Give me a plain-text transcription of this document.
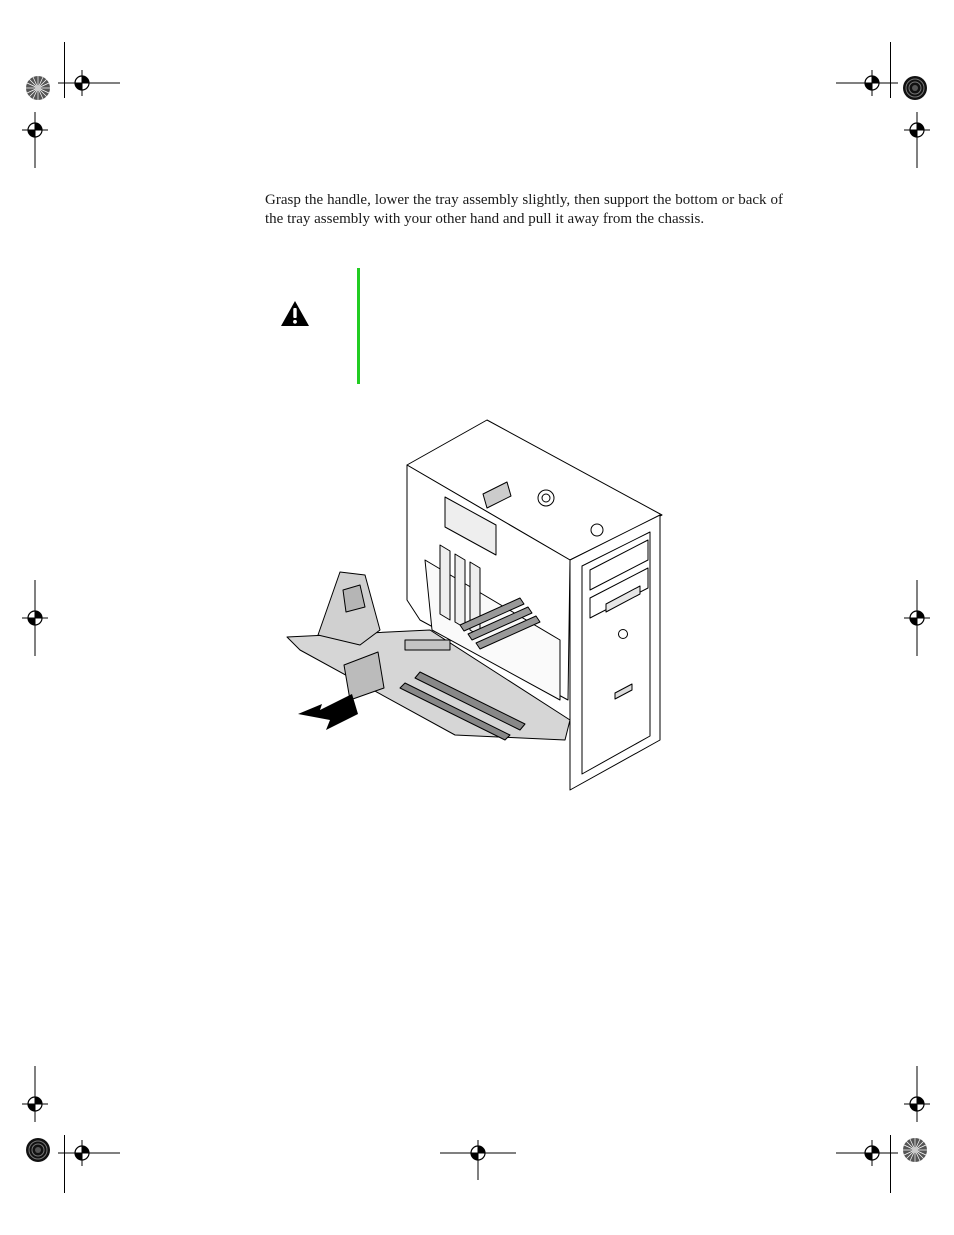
Grasp the handle, lower the tray assembly slightly, then support the bottom or back of the tray assembly with your other hand and pull it away from the chassis.
